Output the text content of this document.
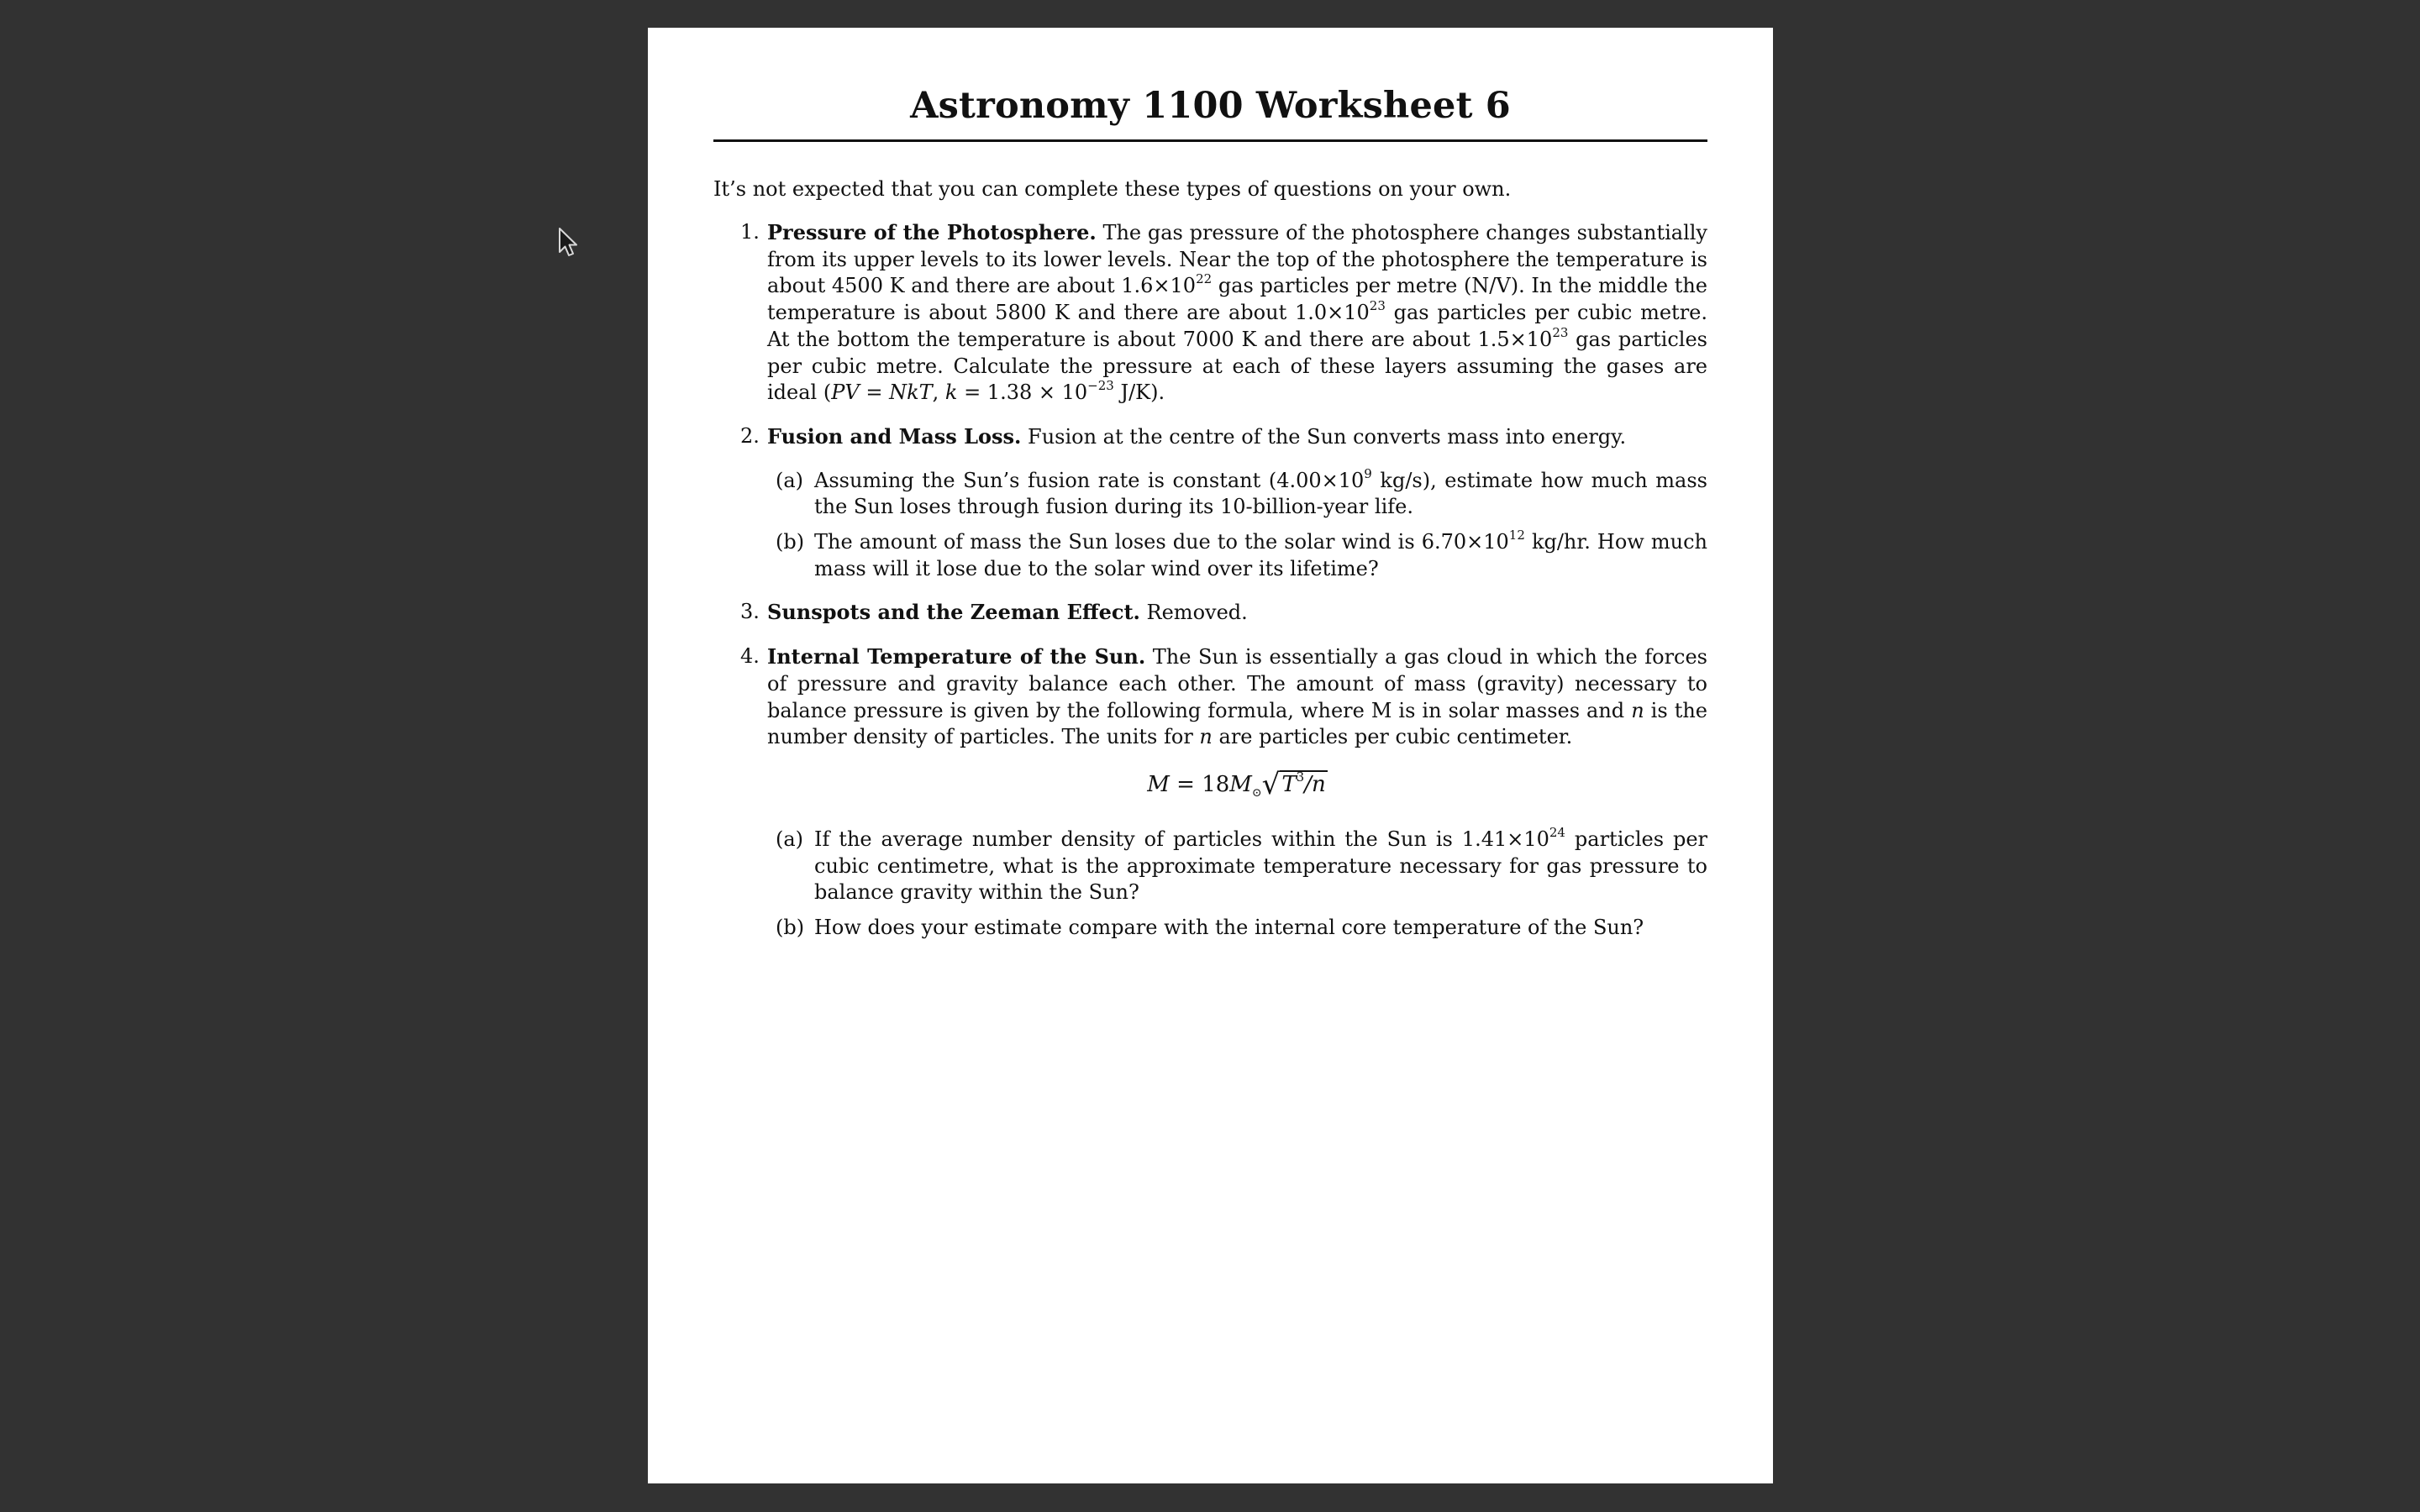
Astronomy 1100 Worksheet 6

It’s not expected that you can complete these types of questions on your own.

1. Pressure of the Photosphere. The gas pressure of the photosphere changes substantially from its upper levels to its lower levels. Near the top of the photosphere the temperature is about 4500 K and there are about $1.6\times 10^{22}$ gas particles per metre (N/V). In the middle the temperature is about 5800 K and there are about $1.0\times 10^{23}$ gas particles per cubic metre. At the bottom the temperature is about 7000 K and there are about $1.5\times 10^{23}$ gas particles per cubic metre. Calculate the pressure at each of these layers assuming the gases are ideal (PV = NkT, $k = 1.38 \times 10^{-23}$ J/K).
2. Fusion and Mass Loss. Fusion at the centre of the Sun converts mass into energy.
(a) Assuming the Sun’s fusion rate is constant ($4.00\times 10^9$ kg/s), estimate how much mass the Sun loses through fusion during its 10-billion-year life.
(b) The amount of mass the Sun loses due to the solar wind is $6.70\times 10^{12}$ kg/hr. How much mass will it lose due to the solar wind over its lifetime?
3. Sunspots and the Zeeman Effect. Removed.
4. Internal Temperature of the Sun. The Sun is essentially a gas cloud in which the forces of pressure and gravity balance each other. The amount of mass (gravity) necessary to balance pressure is given by the following formula, where M is in solar masses and n is the number density of particles. The units for n are particles per cubic centimeter.
$M = 18M_⊙√T^3/n$
(a) If the average number density of particles within the Sun is $1.41\times 10^{24}$ particles per cubic centimetre, what is the approximate temperature necessary for gas pressure to balance gravity within the Sun?
(b) How does your estimate compare with the internal core temperature of the Sun?
